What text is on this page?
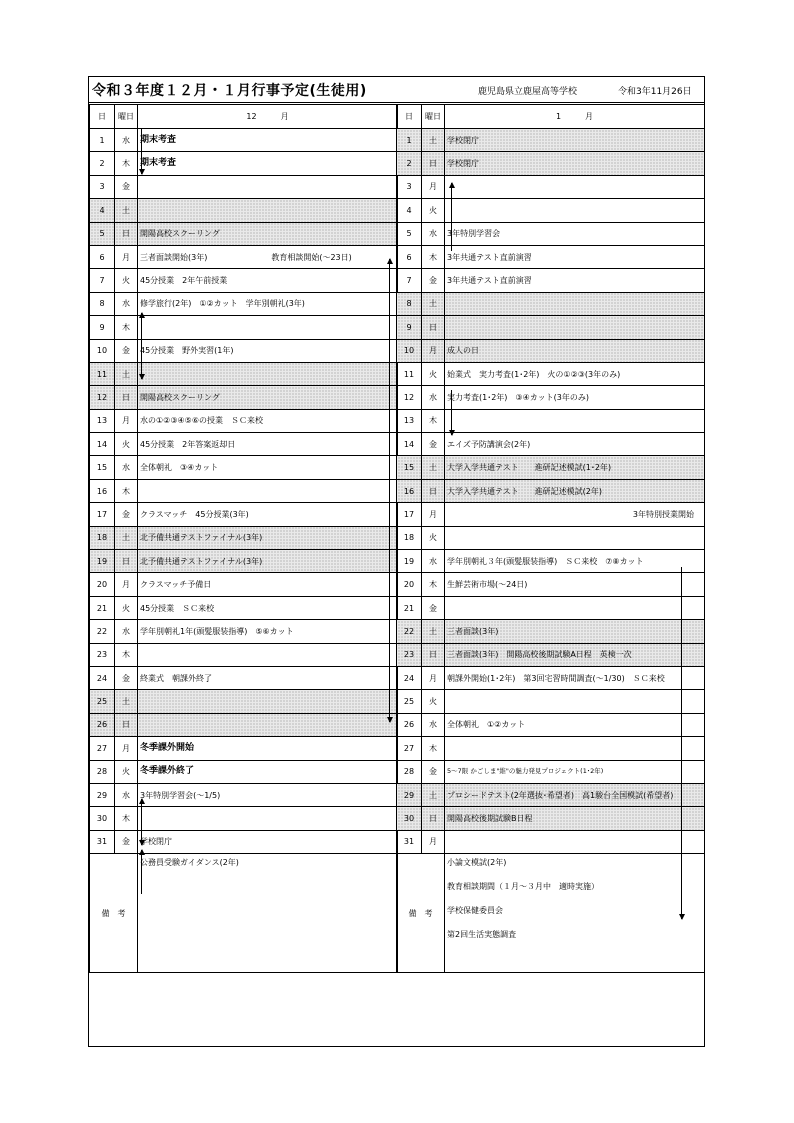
令和３年度１２月・１月行事予定(生徒用)	鹿児島県立鹿屋高等学校	令和3年11月26日
日	曜日	12　　　月
1	水	期末考査

2	木	期末考査

3	金	

4	土	

5	日	開陽高校スクーリング

6	月	三者面談開始(3年)　　　　　　　　教育相談開始(～23日)

7	火	45分授業　2年午前授業

8	水	修学旅行(2年)　①②カット　学年別朝礼(3年)

9	木	

10	金	45分授業　野外実習(1年)

11	土	

12	日	開陽高校スクーリング

13	月	水の①②③④⑤⑥の授業　ＳＣ来校

14	火	45分授業　2年答案返却日

15	水	全体朝礼　③④カット

16	木	

17	金	クラスマッチ　45分授業(3年)

18	土	北予備共通テストファイナル(3年)

19	日	北予備共通テストファイナル(3年)

20	月	クラスマッチ予備日

21	火	45分授業　ＳＣ来校

22	水	学年別朝礼1年(頭髪服装指導)　⑤⑥カット

23	木	

24	金	終業式　朝課外終了

25	土	

26	日	

27	月	冬季課外開始

28	火	冬季課外終了

29	水	3年特別学習会(～1/5)

30	木	

31	金	学校閉庁

備　考		公務員受験ガイダンス(2年)
日	曜日	1　　　月
1	土	学校閉庁

2	日	学校閉庁

3	月	

4	火	

5	水	3年特別学習会

6	木	3年共通テスト直前演習

7	金	3年共通テスト直前演習

8	土	

9	日	

10	月	成人の日

11	火	始業式　実力考査(1･2年)　火の①②③(3年のみ)

12	水	実力考査(1･2年)　③④カット(3年のみ)

13	木	

14	金	エイズ予防講演会(2年)

15	土	大学入学共通テスト　　進研記述模試(1･2年)

16	日	大学入学共通テスト　　進研記述模試(2年)

17	月	3年特別授業開始

18	火	

19	水	学年別朝礼３年(頭髪服装指導)　ＳＣ来校　⑦⑧カット

20	木	生鮮芸術市場(～24日)

21	金	

22	土	三者面談(3年)

23	日	三者面談(3年)　開陽高校後期試験A日程　英検一次

24	月	朝課外開始(1･2年)　第3回宅習時間調査(～1/30)　ＳＣ来校

25	火	

26	水	全体朝礼　①②カット

27	木	

28	金	5～7限 かごしま"維"の魅力発見プロジェクト(1･2年)

29	土	プロシードテスト(2年選抜･希望者)　高1駿台全国模試(希望者)

30	日	開陽高校後期試験B日程

31	月	

備　考		小論文模試(2年)
教育相談期間（１月～３月中　適時実施）
学校保健委員会
第2回生活実態調査
